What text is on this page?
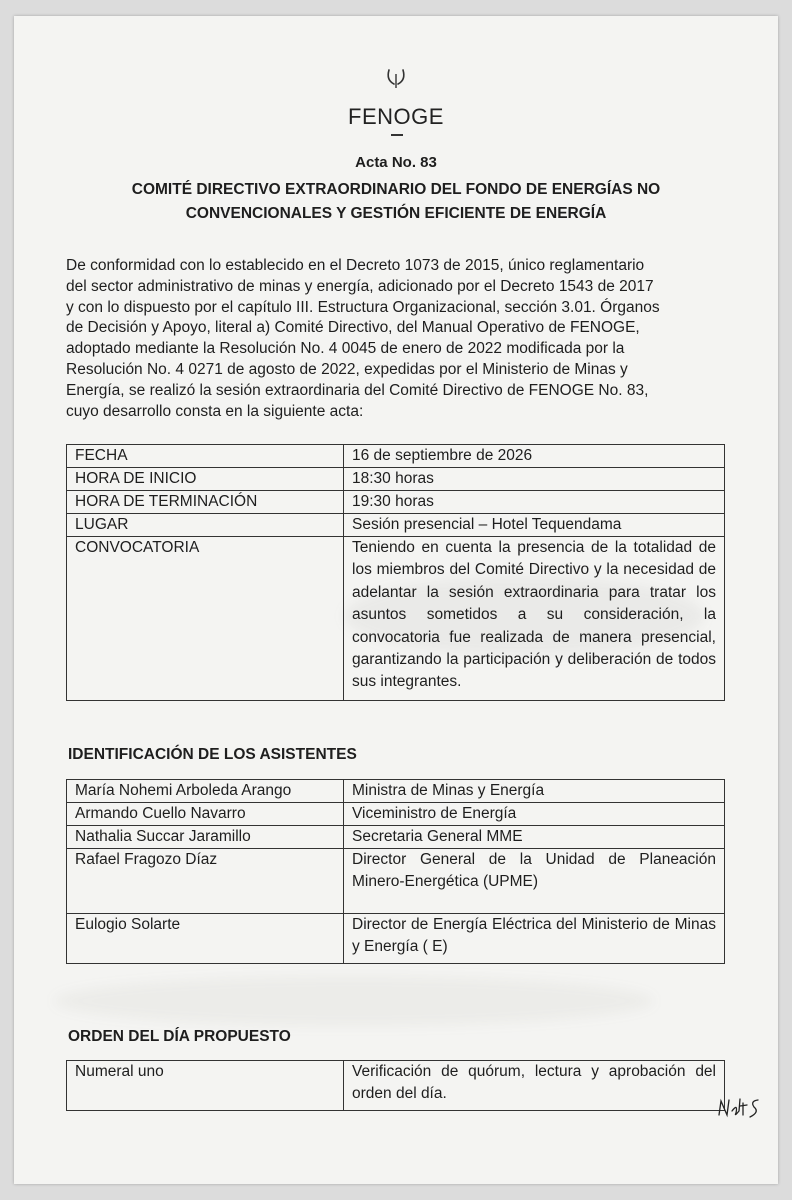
FENOGE
Acta No. 83
COMITÉ DIRECTIVO EXTRAORDINARIO DEL FONDO DE ENERGÍAS NO
CONVENCIONALES Y GESTIÓN EFICIENTE DE ENERGÍA
De conformidad con lo establecido en el Decreto 1073 de 2015, único reglamentario
del sector administrativo de minas y energía, adicionado por el Decreto 1543 de 2017
y con lo dispuesto por el capítulo III. Estructura Organizacional, sección 3.01. Órganos
de Decisión y Apoyo, literal a) Comité Directivo, del Manual Operativo de FENOGE,
adoptado mediante la Resolución No. 4 0045 de enero de 2022 modificada por la
Resolución No. 4 0271 de agosto de 2022, expedidas por el Ministerio de Minas y
Energía, se realizó la sesión extraordinaria del Comité Directivo de FENOGE No. 83,
cuyo desarrollo consta en la siguiente acta:
FECHA	16 de septiembre de 2026
HORA DE INICIO	18:30 horas
HORA DE TERMINACIÓN	19:30 horas
LUGAR	Sesión presencial – Hotel Tequendama
CONVOCATORIA	Teniendo en cuenta la presencia de la totalidad de los miembros del Comité Directivo y la necesidad de adelantar la sesión extraordinaria para tratar los asuntos sometidos a su consideración, la convocatoria fue realizada de manera presencial, garantizando la participación y deliberación de todos sus integrantes.
IDENTIFICACIÓN DE LOS ASISTENTES
María Nohemi Arboleda Arango	Ministra de Minas y Energía
Armando Cuello Navarro	Viceministro de Energía
Nathalia Succar Jaramillo	Secretaria General MME
Rafael Fragozo Díaz	Director General de la Unidad de Planeación Minero-Energética (UPME)
Eulogio Solarte	Director de Energía Eléctrica del Ministerio de Minas y Energía ( E)
ORDEN DEL DÍA PROPUESTO
Numeral uno	Verificación de quórum, lectura y aprobación del orden del día.
